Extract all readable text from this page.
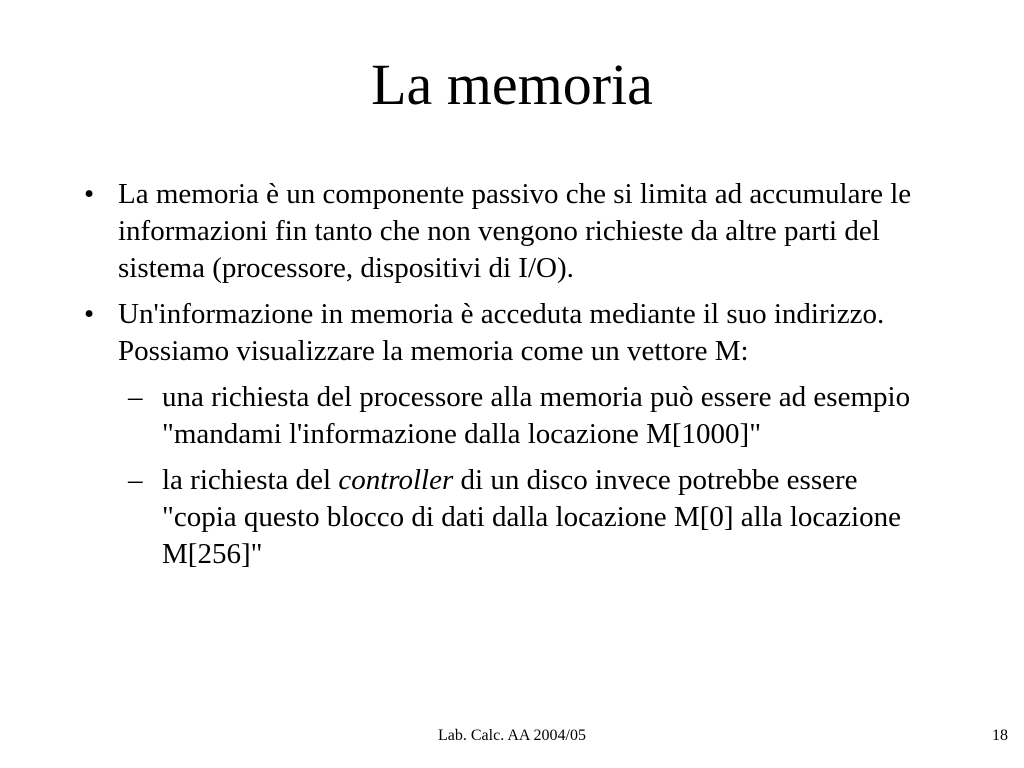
La memoria
• La memoria è un componente passivo che si limita ad accumulare le informazioni fin tanto che non vengono richieste da altre parti del sistema (processore, dispositivi di I/O).
• Un'informazione in memoria è acceduta mediante il suo indirizzo. Possiamo visualizzare la memoria come un vettore M:
– una richiesta del processore alla memoria può essere ad esempio "mandami l'informazione dalla locazione M[1000]"
– la richiesta del controller di un disco invece potrebbe essere "copia questo blocco di dati dalla locazione M[0] alla locazione M[256]"
Lab. Calc. AA 2004/05	18
